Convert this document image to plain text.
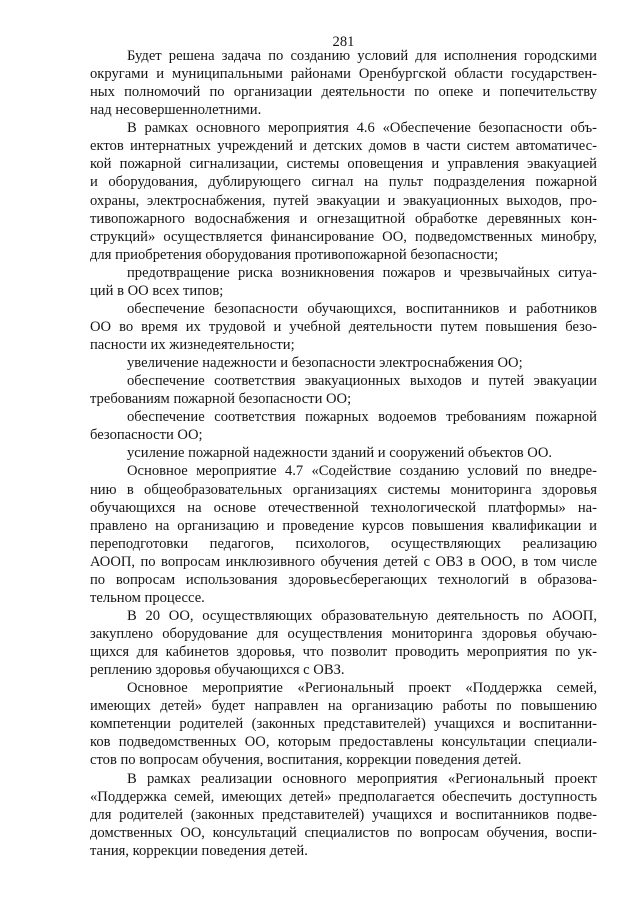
281
Будет решена задача по созданию условий для исполнения городскими
округами и муниципальными районами Оренбургской области государствен-
ных полномочий по организации деятельности по опеке и попечительству
над несовершеннолетними.
В рамках основного мероприятия 4.6 «Обеспечение безопасности объ-
ектов интернатных учреждений и детских домов в части систем автоматичес-
кой пожарной сигнализации, системы оповещения и управления эвакуацией
и оборудования, дублирующего сигнал на пульт подразделения пожарной
охраны, электроснабжения, путей эвакуации и эвакуационных выходов, про-
тивопожарного водоснабжения и огнезащитной обработке деревянных кон-
струкций» осуществляется финансирование ОО, подведомственных минобру,
для приобретения оборудования противопожарной безопасности;
предотвращение риска возникновения пожаров и чрезвычайных ситуа-
ций в ОО всех типов;
обеспечение безопасности обучающихся, воспитанников и работников
ОО во время их трудовой и учебной деятельности путем повышения безо-
пасности их жизнедеятельности;
увеличение надежности и безопасности электроснабжения ОО;
обеспечение соответствия эвакуационных выходов и путей эвакуации
требованиям пожарной безопасности ОО;
обеспечение соответствия пожарных водоемов требованиям пожарной
безопасности ОО;
усиление пожарной надежности зданий и сооружений объектов ОО.
Основное мероприятие 4.7 «Содействие созданию условий по внедре-
нию в общеобразовательных организациях системы мониторинга здоровья
обучающихся на основе отечественной технологической платформы» на-
правлено на организацию и проведение курсов повышения квалификации и
переподготовки педагогов, психологов, осуществляющих реализацию
АООП, по вопросам инклюзивного обучения детей с ОВЗ в ООО, в том числе
по вопросам использования здоровьесберегающих технологий в образова-
тельном процессе.
В 20 ОО, осуществляющих образовательную деятельность по АООП,
закуплено оборудование для осуществления мониторинга здоровья обучаю-
щихся для кабинетов здоровья, что позволит проводить мероприятия по ук-
реплению здоровья обучающихся с ОВЗ.
Основное мероприятие «Региональный проект «Поддержка семей,
имеющих детей» будет направлен на организацию работы по повышению
компетенции родителей (законных представителей) учащихся и воспитанни-
ков подведомственных ОО, которым предоставлены консультации специали-
стов по вопросам обучения, воспитания, коррекции поведения детей.
В рамках реализации основного мероприятия «Региональный проект
«Поддержка семей, имеющих детей» предполагается обеспечить доступность
для родителей (законных представителей) учащихся и воспитанников подве-
домственных ОО, консультаций специалистов по вопросам обучения, воспи-
тания, коррекции поведения детей.
